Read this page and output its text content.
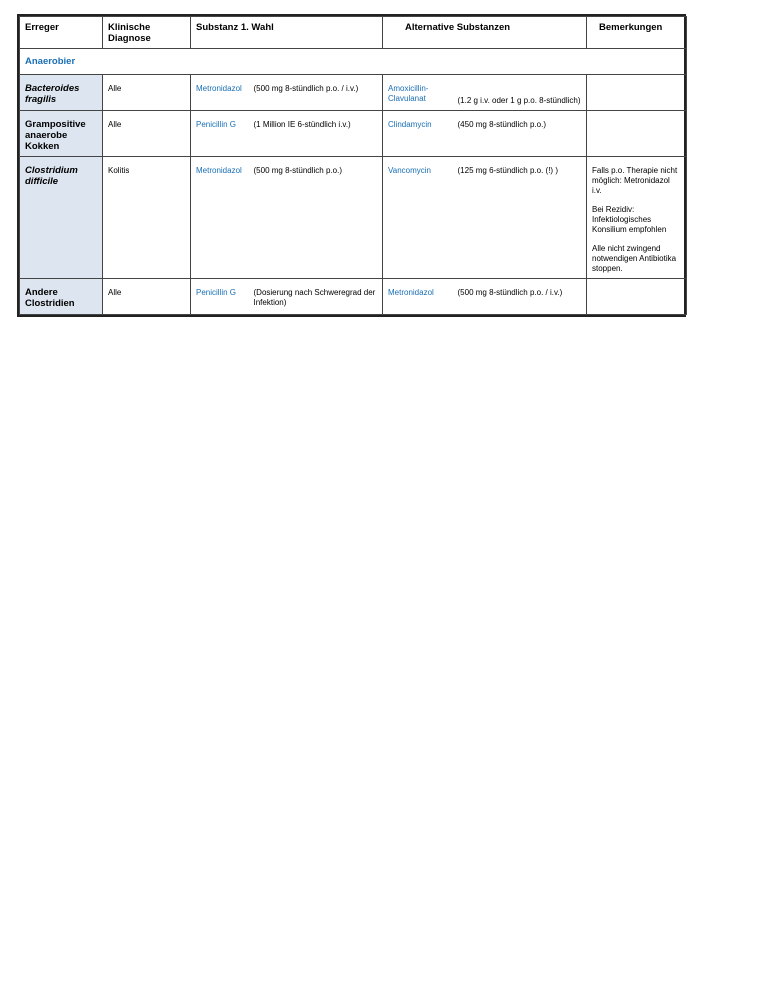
Erreger	Klinische Diagnose	Substanz 1. Wahl		Alternative Substanzen		Bemerkungen
Anaerobier						
Bacteroides fragilis	Alle	Metronidazol	(500 mg 8-stündlich p.o. / i.v.)	Amoxicillin-Clavulanat	(1.2 g i.v. oder 1 g p.o. 8-stündlich)	
Grampositive anaerobe Kokken	Alle	Penicillin G	(1 Million IE 6-stündlich i.v.)	Clindamycin	(450 mg 8-stündlich p.o.)	
Clostridium difficile	Kolitis	Metronidazol	(500 mg 8-stündlich p.o.)	Vancomycin	(125 mg 6-stündlich p.o. (!) )	Falls p.o. Therapie nicht möglich: Metronidazol i.v.

Bei Rezidiv: Infektiologisches Konsilium empfohlen

Alle nicht zwingend notwendigen Antibiotika stoppen.

Andere Clostridien	Alle	Penicillin G	(Dosierung nach Schweregrad der Infektion)	Metronidazol	(500 mg 8-stündlich p.o. / i.v.)	
